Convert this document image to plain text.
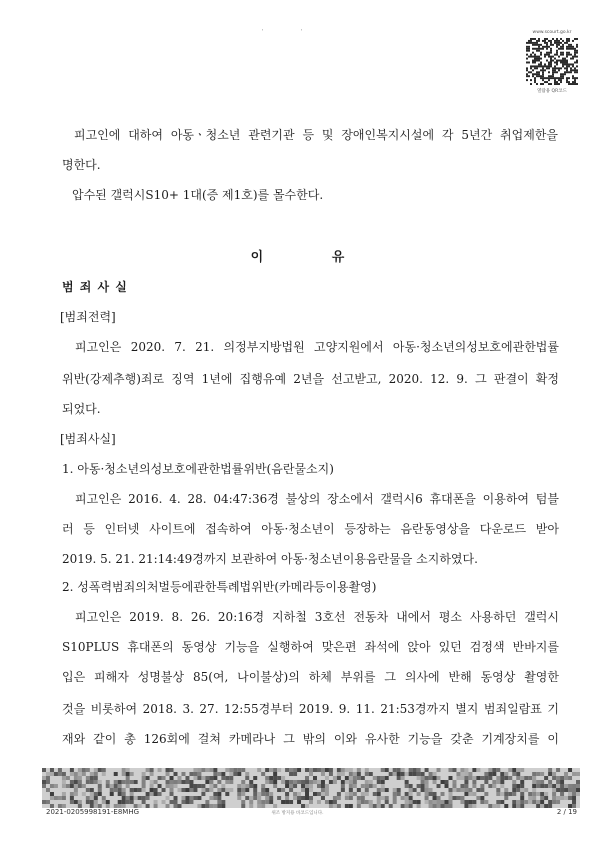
'	'	www.scourt.go.kr
열람용 QR코드
피고인에 대하여 아동ㆍ청소년 관련기관 등 및 장애인복지시설에 각 5년간 취업제한을
명한다.
압수된 갤럭시S10+ 1대(증 제1호)를 몰수한다.
이 유
범 죄 사 실
[범죄전력]
피고인은 2020. 7. 21. 의정부지방법원 고양지원에서 아동·청소년의성보호에관한법률
위반(강제추행)죄로 징역 1년에 집행유예 2년을 선고받고, 2020. 12. 9. 그 판결이 확정
되었다.
[범죄사실]
1. 아동·청소년의성보호에관한법률위반(음란물소지)
피고인은 2016. 4. 28. 04:47:36경 불상의 장소에서 갤럭시6 휴대폰을 이용하여 텀블
러 등 인터넷 사이트에 접속하여 아동·청소년이 등장하는 음란동영상을 다운로드 받아
2019. 5. 21. 21:14:49경까지 보관하여 아동·청소년이용음란물을 소지하였다.
2. 성폭력범죄의처벌등에관한특례법위반(카메라등이용촬영)
피고인은 2019. 8. 26. 20:16경 지하철 3호선 전동차 내에서 평소 사용하던 갤럭시
S10PLUS 휴대폰의 동영상 기능을 실행하여 맞은편 좌석에 앉아 있던 검정색 반바지를
입은 피해자 성명불상 85(여, 나이불상)의 하체 부위를 그 의사에 반해 동영상 촬영한
것을 비롯하여 2018. 3. 27. 12:55경부터 2019. 9. 11. 21:53경까지 별지 범죄일람표 기
재와 같이 총 126회에 걸쳐 카메라나 그 밖의 이와 유사한 기능을 갖춘 기계장치를 이
2021-0205998191-E8MHG	위조 방지용 바코드입니다.	2 / 19
